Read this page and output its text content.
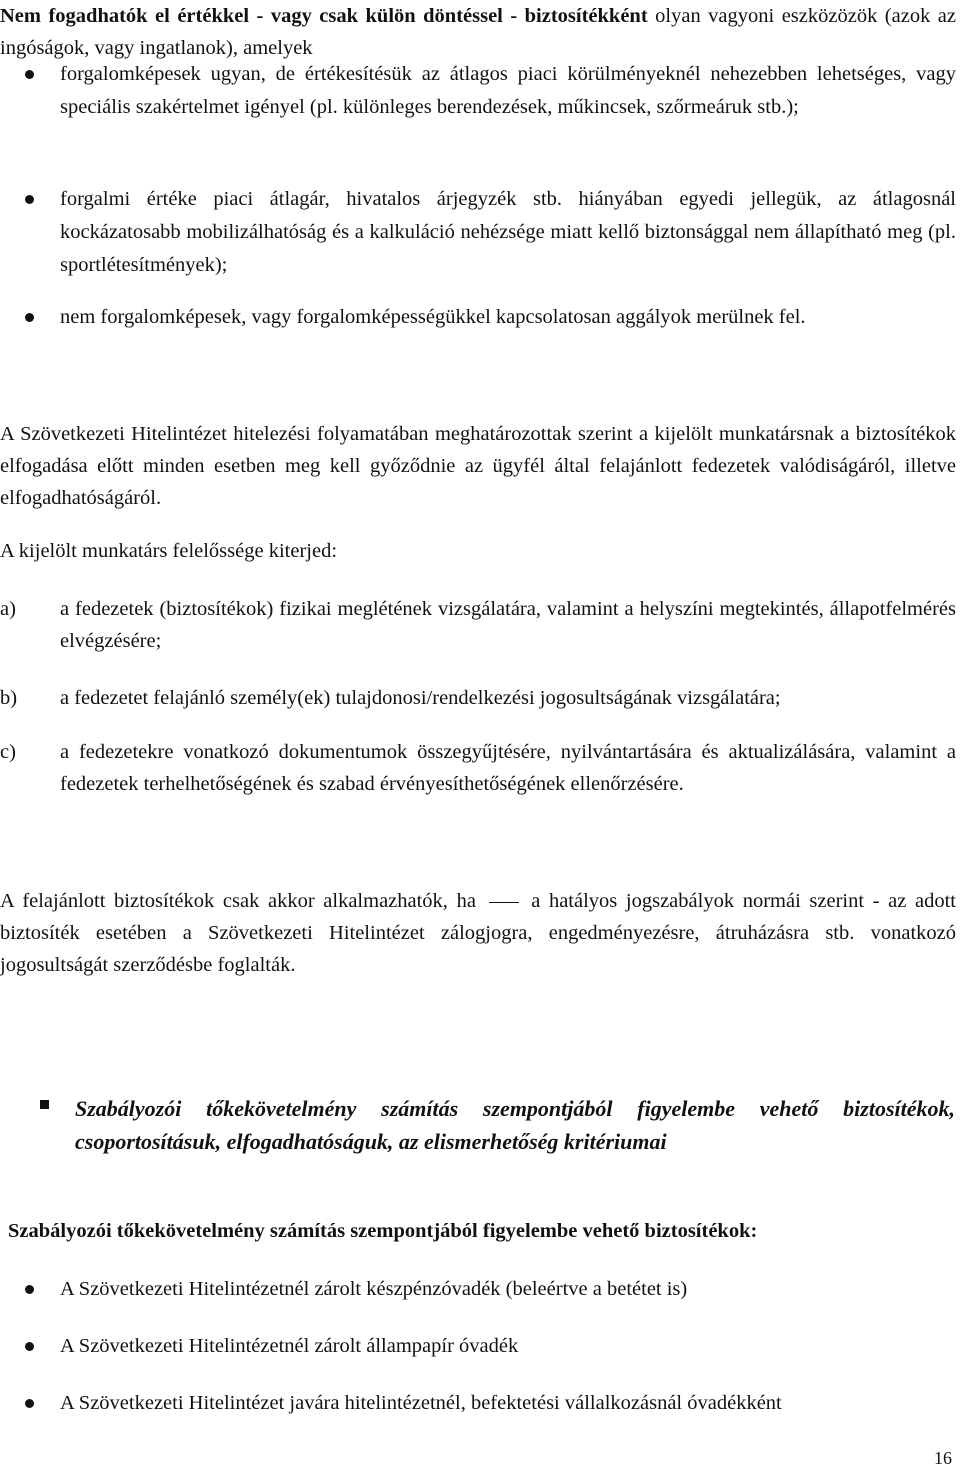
Nem fogadhatók el értékkel - vagy csak külön döntéssel - biztosítékként olyan vagyoni eszközözök (azok az ingóságok, vagy ingatlanok), amelyek
forgalomképesek ugyan, de értékesítésük az átlagos piaci körülményeknél nehezebben lehetséges, vagy speciális szakértelmet igényel (pl. különleges berendezések, műkincsek, szőrmeáruk stb.);
forgalmi értéke piaci átlagár, hivatalos árjegyzék stb. hiányában egyedi jellegük, az átlagosnál kockázatosabb mobilizálhatóság és a kalkuláció nehézsége miatt kellő biztonsággal nem állapítható meg (pl. sportlétesítmények);
nem forgalomképesek, vagy forgalomképességükkel kapcsolatosan aggályok merülnek fel.
A Szövetkezeti Hitelintézet hitelezési folyamatában meghatározottak szerint a kijelölt munkatársnak a biztosítékok elfogadása előtt minden esetben meg kell győződnie az ügyfél által felajánlott fedezetek valódiságáról, illetve elfogadhatóságáról.
A kijelölt munkatárs felelőssége kiterjed:
a)	a fedezetek (biztosítékok) fizikai meglétének vizsgálatára, valamint a helyszíni megtekintés, állapotfelmérés elvégzésére;
b)	a fedezetet felajánló személy(ek) tulajdonosi/rendelkezési jogosultságának vizsgálatára;
c)	a fedezetekre vonatkozó dokumentumok összegyűjtésére, nyilvántartására és aktualizálására, valamint a fedezetek terhelhetőségének és szabad érvényesíthetőségének ellenőrzésére.
A felajánlott biztosítékok csak akkor alkalmazhatók, ha	a hatályos jogszabályok normái szerint - az adott biztosíték esetében a Szövetkezeti Hitelintézet zálogjogra, engedményezésre, átruházásra stb. vonatkozó jogosultságát szerződésbe foglalták.
Szabályozói tőkekövetelmény számítás szempontjából figyelembe vehető biztosítékok, csoportosításuk, elfogadhatóságuk, az elismerhetőség kritériumai
Szabályozói tőkekövetelmény számítás szempontjából figyelembe vehető biztosítékok:
A Szövetkezeti Hitelintézetnél zárolt készpénzóvadék (beleértve a betétet is)
A Szövetkezeti Hitelintézetnél zárolt állampapír óvadék
A Szövetkezeti Hitelintézet javára hitelintézetnél, befektetési vállalkozásnál óvadékként
16
